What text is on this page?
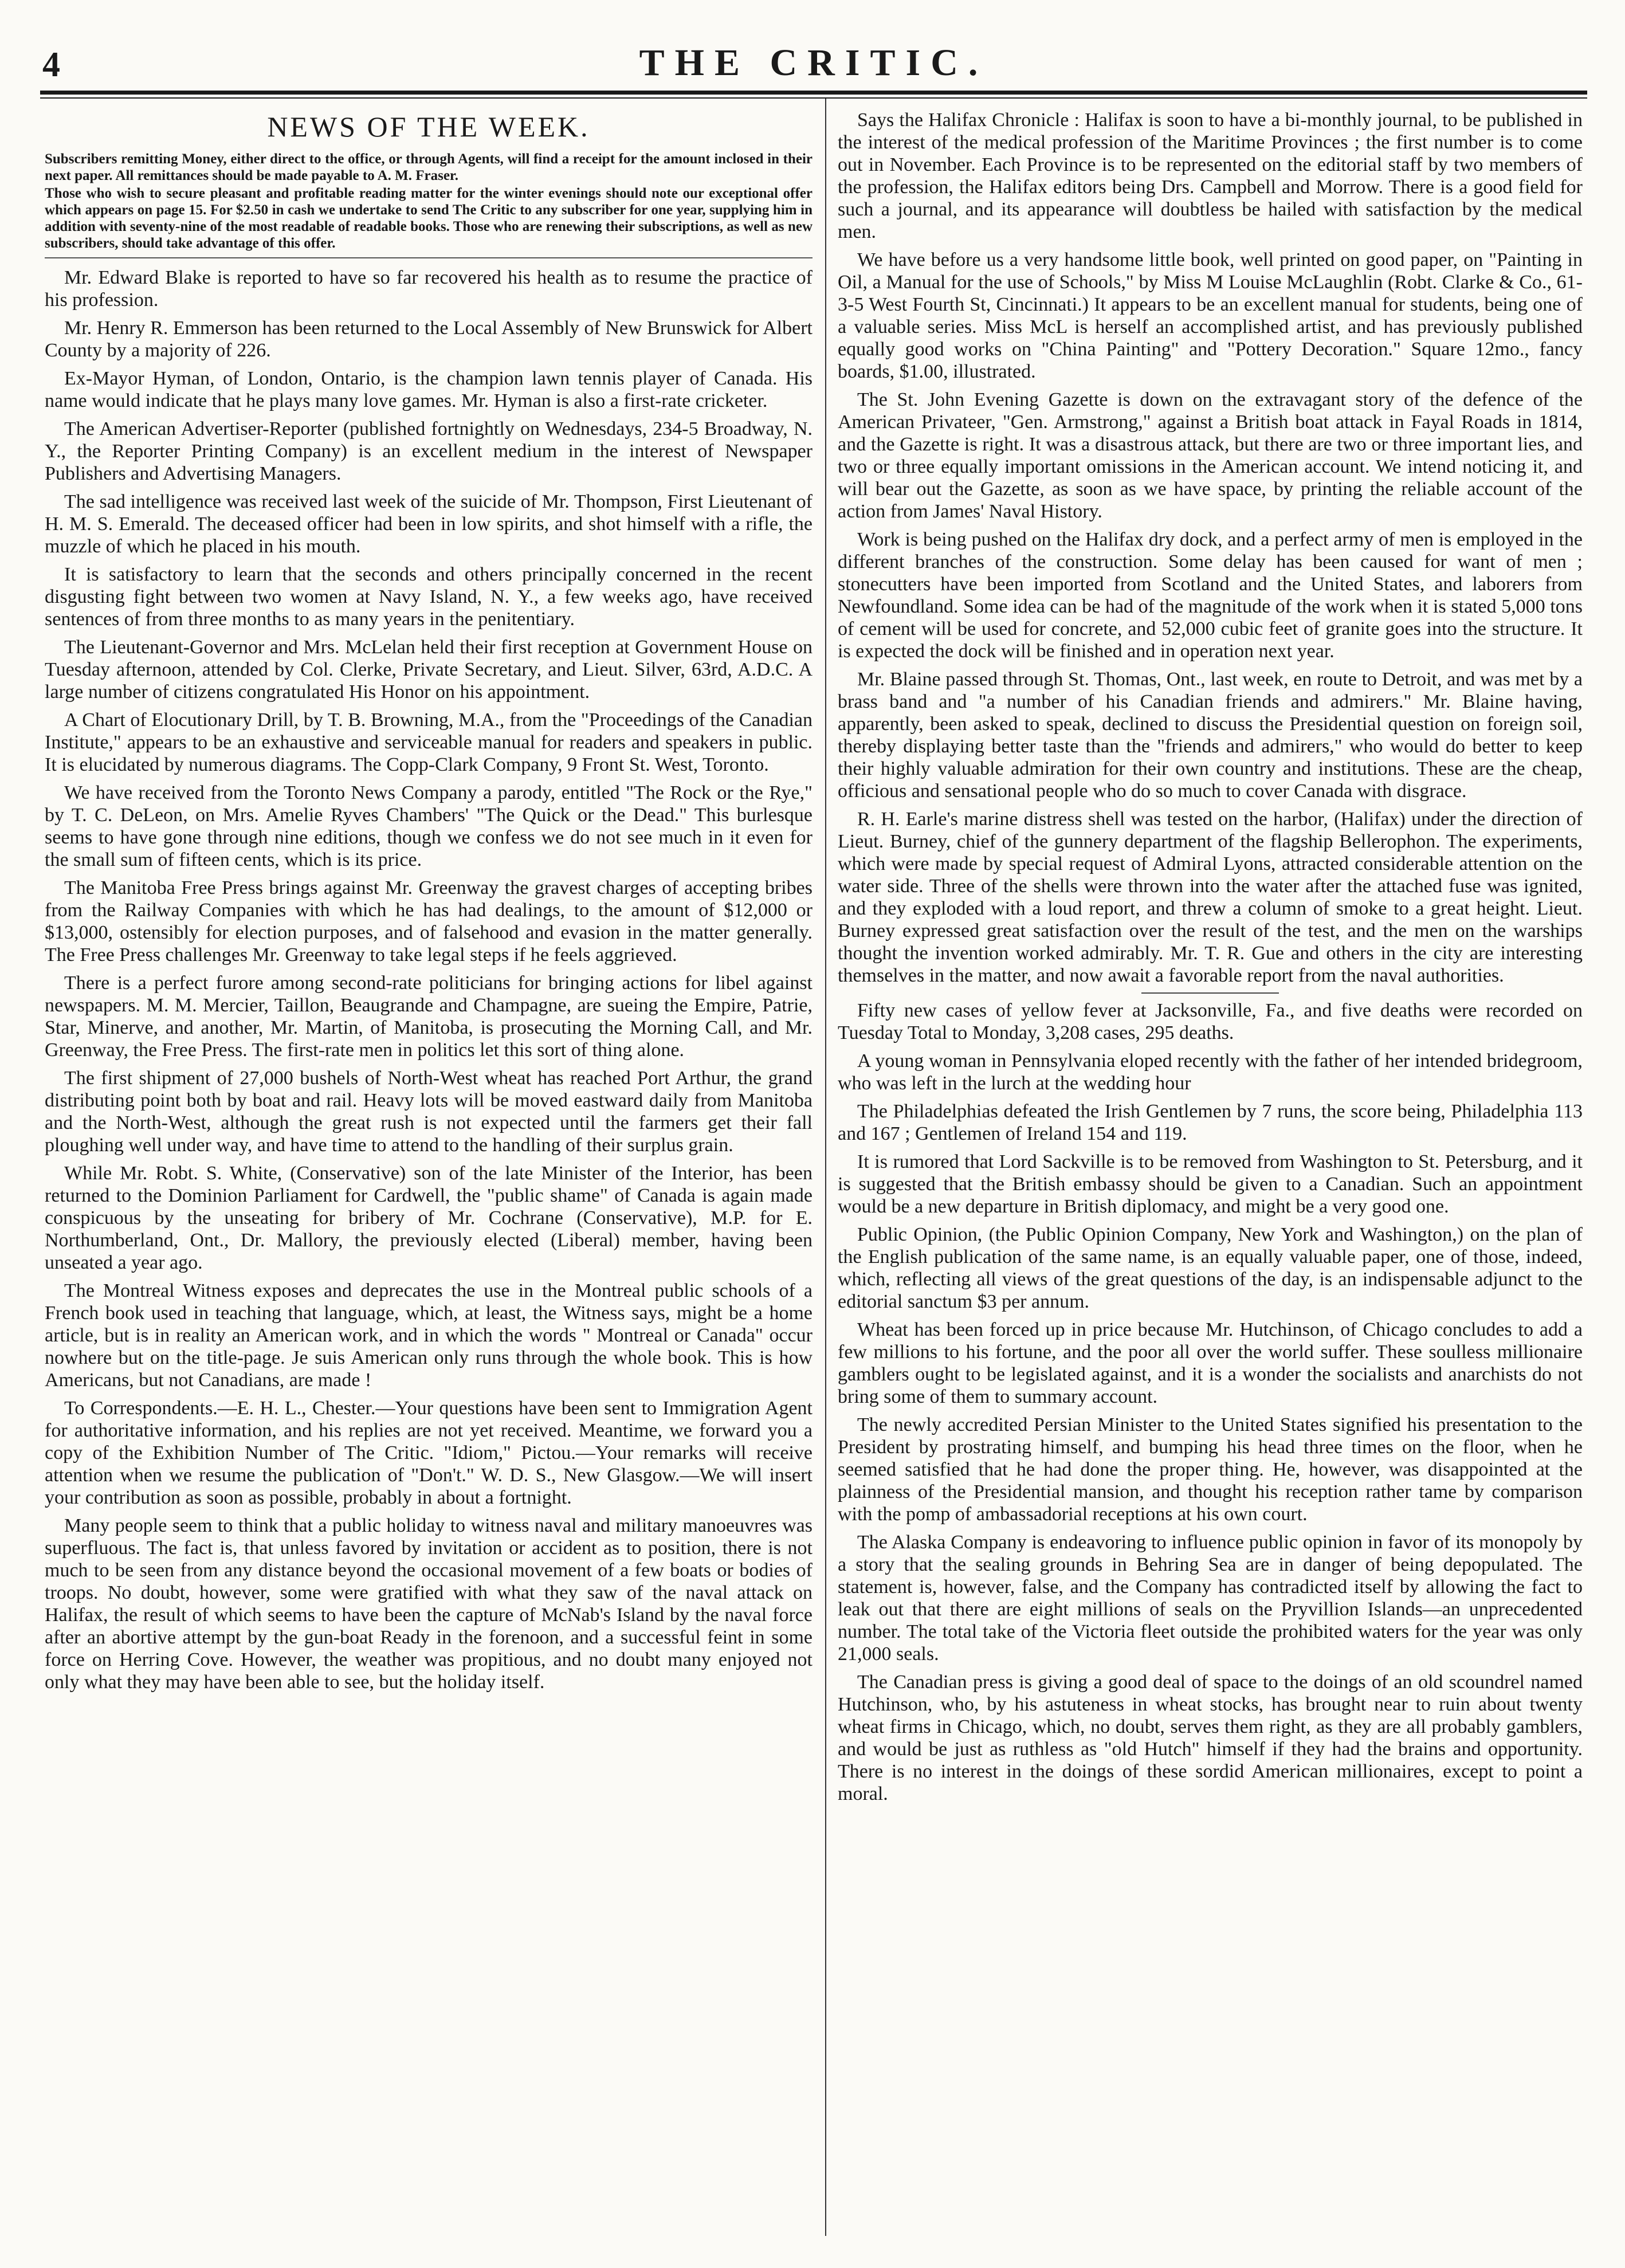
4	THE CRITIC.
NEWS OF THE WEEK.

Subscribers remitting Money, either direct to the office, or through Agents, will find a receipt for the amount inclosed in their next paper. All remittances should be made payable to A. M. Fraser.

Those who wish to secure pleasant and profitable reading matter for the winter evenings should note our exceptional offer which appears on page 15. For $2.50 in cash we undertake to send The Critic to any subscriber for one year, supplying him in addition with seventy-nine of the most readable of readable books. Those who are renewing their subscriptions, as well as new subscribers, should take advantage of this offer.

Mr. Edward Blake is reported to have so far recovered his health as to resume the practice of his profession.

Mr. Henry R. Emmerson has been returned to the Local Assembly of New Brunswick for Albert County by a majority of 226.

Ex-Mayor Hyman, of London, Ontario, is the champion lawn tennis player of Canada. His name would indicate that he plays many love games. Mr. Hyman is also a first-rate cricketer.

The American Advertiser-Reporter (published fortnightly on Wednesdays, 234-5 Broadway, N. Y., the Reporter Printing Company) is an excellent medium in the interest of Newspaper Publishers and Advertising Managers.

The sad intelligence was received last week of the suicide of Mr. Thompson, First Lieutenant of H. M. S. Emerald. The deceased officer had been in low spirits, and shot himself with a rifle, the muzzle of which he placed in his mouth.

It is satisfactory to learn that the seconds and others principally concerned in the recent disgusting fight between two women at Navy Island, N. Y., a few weeks ago, have received sentences of from three months to as many years in the penitentiary.

The Lieutenant-Governor and Mrs. McLelan held their first reception at Government House on Tuesday afternoon, attended by Col. Clerke, Private Secretary, and Lieut. Silver, 63rd, A.D.C. A large number of citizens congratulated His Honor on his appointment.

A Chart of Elocutionary Drill, by T. B. Browning, M.A., from the "Proceedings of the Canadian Institute," appears to be an exhaustive and serviceable manual for readers and speakers in public. It is elucidated by numerous diagrams. The Copp-Clark Company, 9 Front St. West, Toronto.

We have received from the Toronto News Company a parody, entitled "The Rock or the Rye," by T. C. DeLeon, on Mrs. Amelie Ryves Chambers' "The Quick or the Dead." This burlesque seems to have gone through nine editions, though we confess we do not see much in it even for the small sum of fifteen cents, which is its price.

The Manitoba Free Press brings against Mr. Greenway the gravest charges of accepting bribes from the Railway Companies with which he has had dealings, to the amount of $12,000 or $13,000, ostensibly for election purposes, and of falsehood and evasion in the matter generally. The Free Press challenges Mr. Greenway to take legal steps if he feels aggrieved.

There is a perfect furore among second-rate politicians for bringing actions for libel against newspapers. M. M. Mercier, Taillon, Beaugrande and Champagne, are sueing the Empire, Patrie, Star, Minerve, and another, Mr. Martin, of Manitoba, is prosecuting the Morning Call, and Mr. Greenway, the Free Press. The first-rate men in politics let this sort of thing alone.

The first shipment of 27,000 bushels of North-West wheat has reached Port Arthur, the grand distributing point both by boat and rail. Heavy lots will be moved eastward daily from Manitoba and the North-West, although the great rush is not expected until the farmers get their fall ploughing well under way, and have time to attend to the handling of their surplus grain.

While Mr. Robt. S. White, (Conservative) son of the late Minister of the Interior, has been returned to the Dominion Parliament for Cardwell, the "public shame" of Canada is again made conspicuous by the unseating for bribery of Mr. Cochrane (Conservative), M.P. for E. Northumberland, Ont., Dr. Mallory, the previously elected (Liberal) member, having been unseated a year ago.

The Montreal Witness exposes and deprecates the use in the Montreal public schools of a French book used in teaching that language, which, at least, the Witness says, might be a home article, but is in reality an American work, and in which the words " Montreal or Canada" occur nowhere but on the title-page. Je suis American only runs through the whole book. This is how Americans, but not Canadians, are made !

To Correspondents.—E. H. L., Chester.—Your questions have been sent to Immigration Agent for authoritative information, and his replies are not yet received. Meantime, we forward you a copy of the Exhibition Number of The Critic. "Idiom," Pictou.—Your remarks will receive attention when we resume the publication of "Don't." W. D. S., New Glasgow.—We will insert your contribution as soon as possible, probably in about a fortnight.

Many people seem to think that a public holiday to witness naval and military manoeuvres was superfluous. The fact is, that unless favored by invitation or accident as to position, there is not much to be seen from any distance beyond the occasional movement of a few boats or bodies of troops. No doubt, however, some were gratified with what they saw of the naval attack on Halifax, the result of which seems to have been the capture of McNab's Island by the naval force after an abortive attempt by the gun-boat Ready in the forenoon, and a successful feint in some force on Herring Cove. However, the weather was propitious, and no doubt many enjoyed not only what they may have been able to see, but the holiday itself.

Says the Halifax Chronicle : Halifax is soon to have a bi-monthly journal, to be published in the interest of the medical profession of the Maritime Provinces ; the first number is to come out in November. Each Province is to be represented on the editorial staff by two members of the profession, the Halifax editors being Drs. Campbell and Morrow. There is a good field for such a journal, and its appearance will doubtless be hailed with satisfaction by the medical men.

We have before us a very handsome little book, well printed on good paper, on "Painting in Oil, a Manual for the use of Schools," by Miss M Louise McLaughlin (Robt. Clarke & Co., 61-3-5 West Fourth St, Cincinnati.) It appears to be an excellent manual for students, being one of a valuable series. Miss McL is herself an accomplished artist, and has previously published equally good works on "China Painting" and "Pottery Decoration." Square 12mo., fancy boards, $1.00, illustrated.

The St. John Evening Gazette is down on the extravagant story of the defence of the American Privateer, "Gen. Armstrong," against a British boat attack in Fayal Roads in 1814, and the Gazette is right. It was a disastrous attack, but there are two or three important lies, and two or three equally important omissions in the American account. We intend noticing it, and will bear out the Gazette, as soon as we have space, by printing the reliable account of the action from James' Naval History.

Work is being pushed on the Halifax dry dock, and a perfect army of men is employed in the different branches of the construction. Some delay has been caused for want of men ; stonecutters have been imported from Scotland and the United States, and laborers from Newfoundland. Some idea can be had of the magnitude of the work when it is stated 5,000 tons of cement will be used for concrete, and 52,000 cubic feet of granite goes into the structure. It is expected the dock will be finished and in operation next year.

Mr. Blaine passed through St. Thomas, Ont., last week, en route to Detroit, and was met by a brass band and "a number of his Canadian friends and admirers." Mr. Blaine having, apparently, been asked to speak, declined to discuss the Presidential question on foreign soil, thereby displaying better taste than the "friends and admirers," who would do better to keep their highly valuable admiration for their own country and institutions. These are the cheap, officious and sensational people who do so much to cover Canada with disgrace.

R. H. Earle's marine distress shell was tested on the harbor, (Halifax) under the direction of Lieut. Burney, chief of the gunnery department of the flagship Bellerophon. The experiments, which were made by special request of Admiral Lyons, attracted considerable attention on the water side. Three of the shells were thrown into the water after the attached fuse was ignited, and they exploded with a loud report, and threw a column of smoke to a great height. Lieut. Burney expressed great satisfaction over the result of the test, and the men on the warships thought the invention worked admirably. Mr. T. R. Gue and others in the city are interesting themselves in the matter, and now await a favorable report from the naval authorities.

Fifty new cases of yellow fever at Jacksonville, Fa., and five deaths were recorded on Tuesday Total to Monday, 3,208 cases, 295 deaths.

A young woman in Pennsylvania eloped recently with the father of her intended bridegroom, who was left in the lurch at the wedding hour

The Philadelphias defeated the Irish Gentlemen by 7 runs, the score being, Philadelphia 113 and 167 ; Gentlemen of Ireland 154 and 119.

It is rumored that Lord Sackville is to be removed from Washington to St. Petersburg, and it is suggested that the British embassy should be given to a Canadian. Such an appointment would be a new departure in British diplomacy, and might be a very good one.

Public Opinion, (the Public Opinion Company, New York and Washington,) on the plan of the English publication of the same name, is an equally valuable paper, one of those, indeed, which, reflecting all views of the great questions of the day, is an indispensable adjunct to the editorial sanctum $3 per annum.

Wheat has been forced up in price because Mr. Hutchinson, of Chicago concludes to add a few millions to his fortune, and the poor all over the world suffer. These soulless millionaire gamblers ought to be legislated against, and it is a wonder the socialists and anarchists do not bring some of them to summary account.

The newly accredited Persian Minister to the United States signified his presentation to the President by prostrating himself, and bumping his head three times on the floor, when he seemed satisfied that he had done the proper thing. He, however, was disappointed at the plainness of the Presidential mansion, and thought his reception rather tame by comparison with the pomp of ambassadorial receptions at his own court.

The Alaska Company is endeavoring to influence public opinion in favor of its monopoly by a story that the sealing grounds in Behring Sea are in danger of being depopulated. The statement is, however, false, and the Company has contradicted itself by allowing the fact to leak out that there are eight millions of seals on the Pryvillion Islands—an unprecedented number. The total take of the Victoria fleet outside the prohibited waters for the year was only 21,000 seals.

The Canadian press is giving a good deal of space to the doings of an old scoundrel named Hutchinson, who, by his astuteness in wheat stocks, has brought near to ruin about twenty wheat firms in Chicago, which, no doubt, serves them right, as they are all probably gamblers, and would be just as ruthless as "old Hutch" himself if they had the brains and opportunity. There is no interest in the doings of these sordid American millionaires, except to point a moral.
